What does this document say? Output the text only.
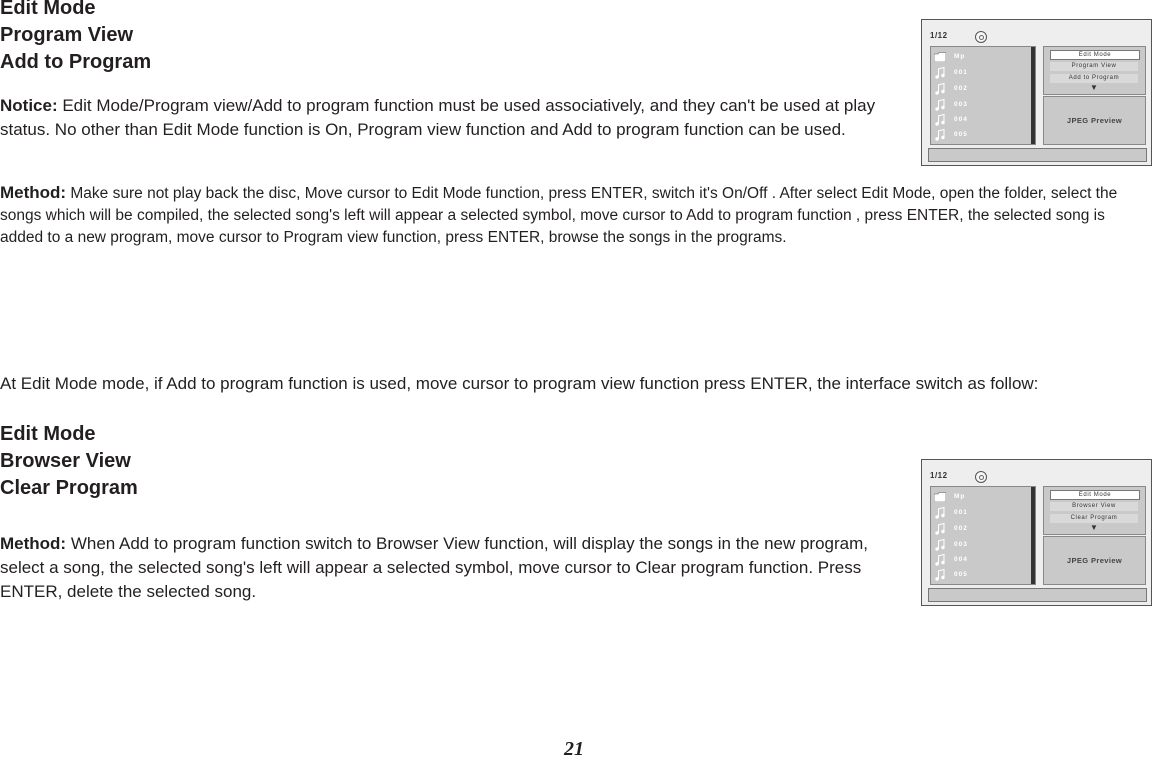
Edit Mode
Program View
Add to Program
Notice: Edit Mode/Program view/Add to program function must be used associatively, and they can't be used at play status. No other than Edit Mode function is On, Program view function and Add to program function can be used.
Method: Make sure not play back the disc, Move cursor to Edit Mode function, press ENTER, switch it's On/Off . After select Edit Mode, open the folder, select the songs which will be compiled, the selected song's left will appear a selected symbol, move cursor to Add to program function , press ENTER, the selected song is added to a new program, move cursor to Program view function, press ENTER, browse the songs in the programs.
At Edit Mode mode, if Add to program function is used, move cursor to program view function press ENTER, the interface switch as follow:
Edit Mode
Browser View
Clear Program
Method: When Add to program function switch to Browser View function, will display the songs in the new program, select a song, the selected song's left will appear a selected symbol, move cursor to Clear program function. Press ENTER, delete the selected song.
1/12
Mp
001
002
003
004
005
Edit Mode
Program View
Add to Program
▼
JPEG Preview
1/12
Mp
001
002
003
004
005
Edit Mode
Browser View
Clear Program
▼
JPEG Preview
21
